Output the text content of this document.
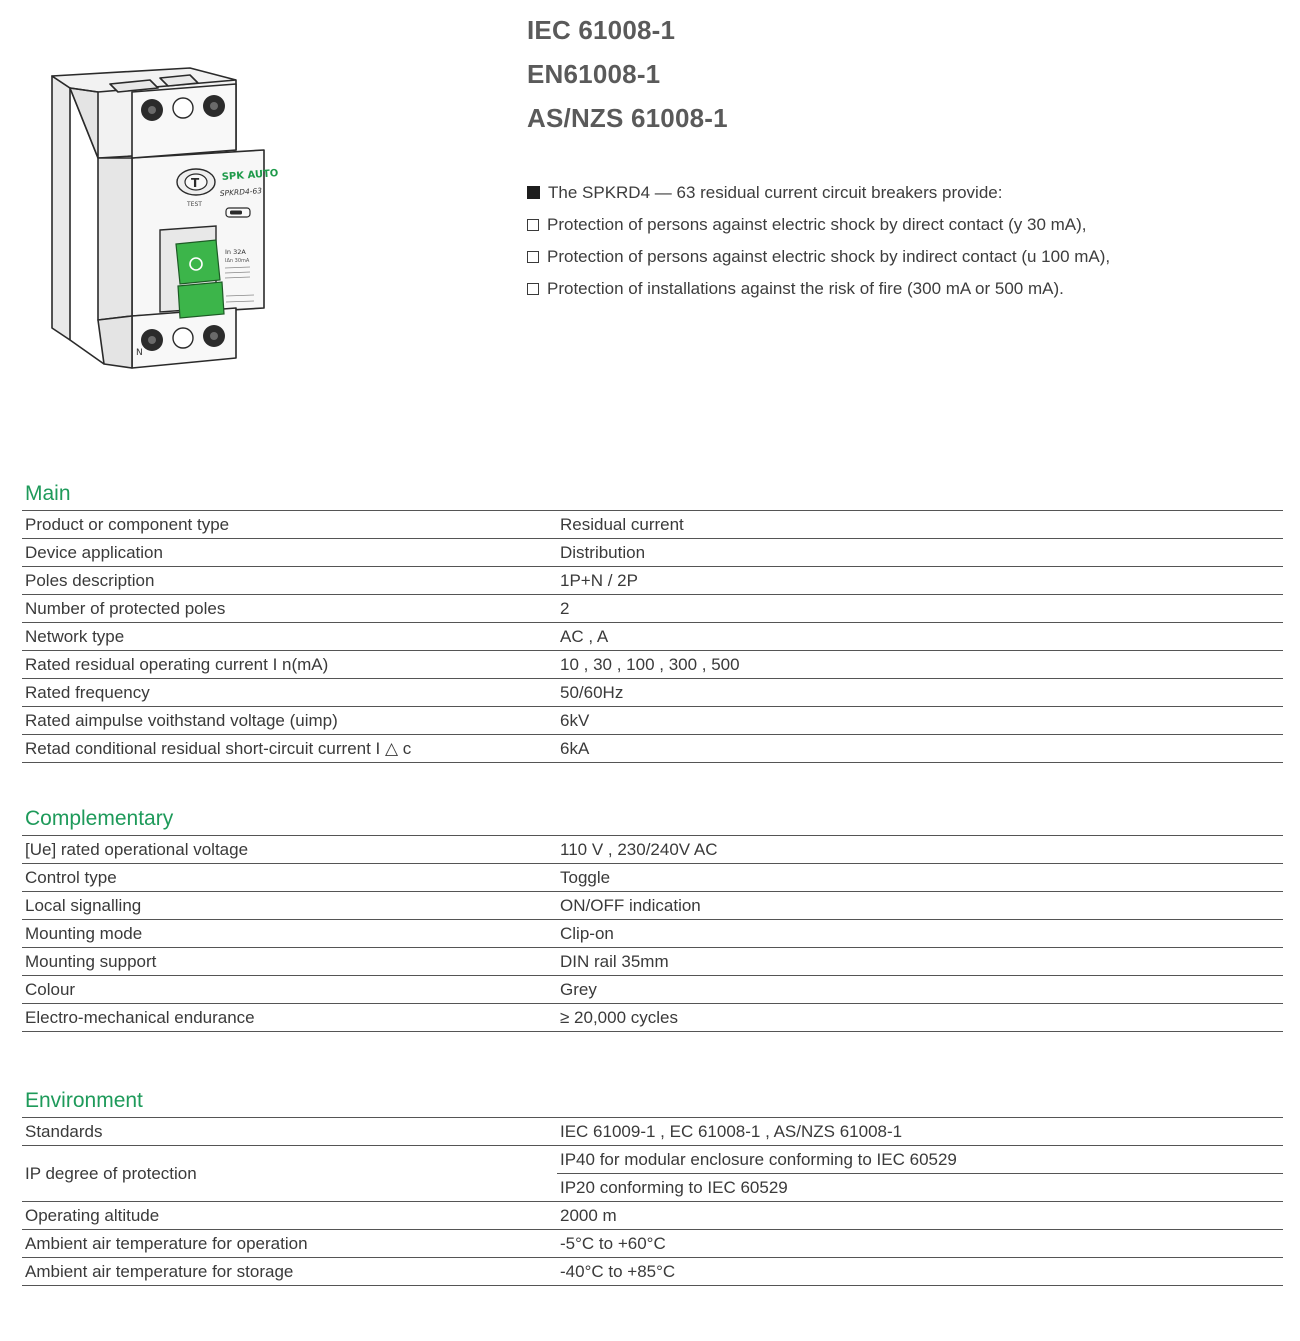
T
TEST
SPK AUTO
SPKRD4-63
In 32A
IΔn 30mA
N
IEC 61008-1
EN61008-1
AS/NZS 61008-1
The SPKRD4 — 63 residual current circuit breakers provide:
Protection of persons against electric shock by direct contact (y 30 mA),
Protection of persons against electric shock by indirect contact (u 100 mA),
Protection of installations against the risk of fire (300 mA or 500 mA).
Main
Product or component type	Residual current
Device application	Distribution
Poles description	1P+N / 2P
Number of protected poles	2
Network type	AC , A
Rated residual operating current I n(mA)	10 , 30 , 100 , 300 , 500
Rated frequency	50/60Hz
Rated aimpulse voithstand voltage (uimp)	6kV
Retad conditional residual short-circuit current I △ c	6kA
Complementary
[Ue] rated operational voltage	110 V , 230/240V AC
Control type	Toggle
Local signalling	ON/OFF indication
Mounting mode	Clip-on
Mounting support	DIN rail 35mm
Colour	Grey
Electro-mechanical endurance	≥ 20,000 cycles
Environment
Standards	IEC 61009-1 , EC 61008-1 , AS/NZS 61008-1
IP degree of protection	IP40 for modular enclosure conforming to IEC 60529
	IP20 conforming to IEC 60529
Operating altitude	2000 m
Ambient air temperature for operation	-5°C to +60°C
Ambient air temperature for storage	-40°C to +85°C
